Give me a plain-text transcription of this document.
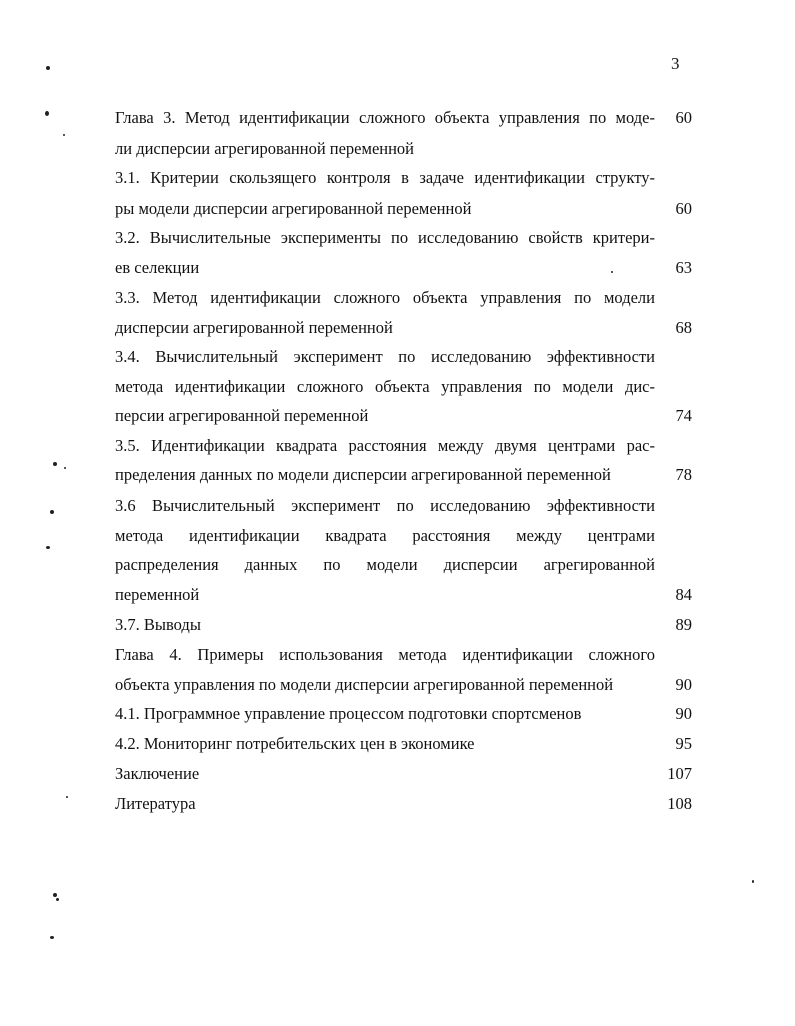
3
Глава 3. Метод идентификации сложного объекта управления по моде-	60
ли дисперсии агрегированной переменной
3.1. Критерии скользящего контроля в задаче идентификации структу-
ры модели дисперсии агрегированной переменной	60
3.2. Вычислительные эксперименты по исследованию свойств критери-
ев селекции	63
3.3. Метод идентификации сложного объекта управления по модели
дисперсии агрегированной переменной	68
3.4. Вычислительный эксперимент по исследованию эффективности
метода идентификации сложного объекта управления по модели дис-
персии агрегированной переменной	74
3.5. Идентификации квадрата расстояния между двумя центрами рас-
пределения данных по модели дисперсии агрегированной переменной	78
3.6 Вычислительный эксперимент по исследованию эффективности
метода идентификации квадрата расстояния между центрами
распределения данных по модели дисперсии агрегированной
переменной	84
3.7. Выводы	89
Глава 4. Примеры использования метода идентификации сложного
объекта управления по модели дисперсии агрегированной переменной	90
4.1. Программное управление процессом подготовки спортсменов	90
4.2. Мониторинг потребительских цен в экономике	95
Заключение	107
Литература	108
